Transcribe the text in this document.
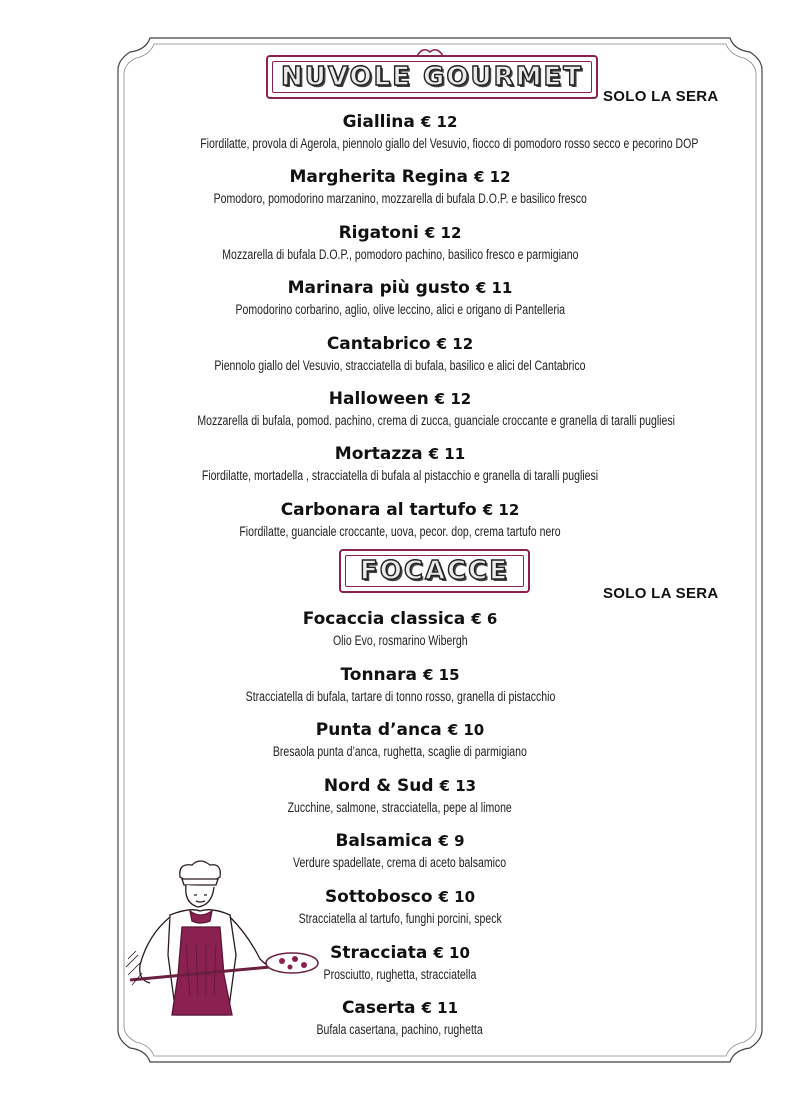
NUVOLE GOURMET
SOLO LA SERA
Giallina € 12
Fiordilatte, provola di Agerola, piennolo giallo del Vesuvio, fiocco di pomodoro rosso secco e pecorino DOP
Margherita Regina € 12
Pomodoro, pomodorino marzanino, mozzarella di bufala D.O.P. e basilico fresco
Rigatoni € 12
Mozzarella di bufala D.O.P., pomodoro pachino, basilico fresco e parmigiano
Marinara più gusto € 11
Pomodorino corbarino, aglio, olive leccino, alici e origano di Pantelleria
Cantabrico € 12
Piennolo giallo del Vesuvio, stracciatella di bufala, basilico e alici del Cantabrico
Halloween € 12
Mozzarella di bufala, pomod. pachino, crema di zucca, guanciale croccante e granella di taralli pugliesi
Mortazza € 11
Fiordilatte, mortadella , stracciatella di bufala al pistacchio e granella di taralli pugliesi
Carbonara al tartufo € 12
Fiordilatte, guanciale croccante, uova, pecor. dop, crema tartufo nero
FOCACCE
SOLO LA SERA
Focaccia classica € 6
Olio Evo, rosmarino Wibergh
Tonnara € 15
Stracciatella di bufala, tartare di tonno rosso, granella di pistacchio
Punta d’anca € 10
Bresaola punta d’anca, rughetta, scaglie di parmigiano
Nord & Sud € 13
Zucchine, salmone, stracciatella, pepe al limone
Balsamica € 9
Verdure spadellate, crema di aceto balsamico
Sottobosco € 10
Stracciatella al tartufo, funghi porcini, speck
Stracciata € 10
Prosciutto, rughetta, stracciatella
Caserta € 11
Bufala casertana, pachino, rughetta
